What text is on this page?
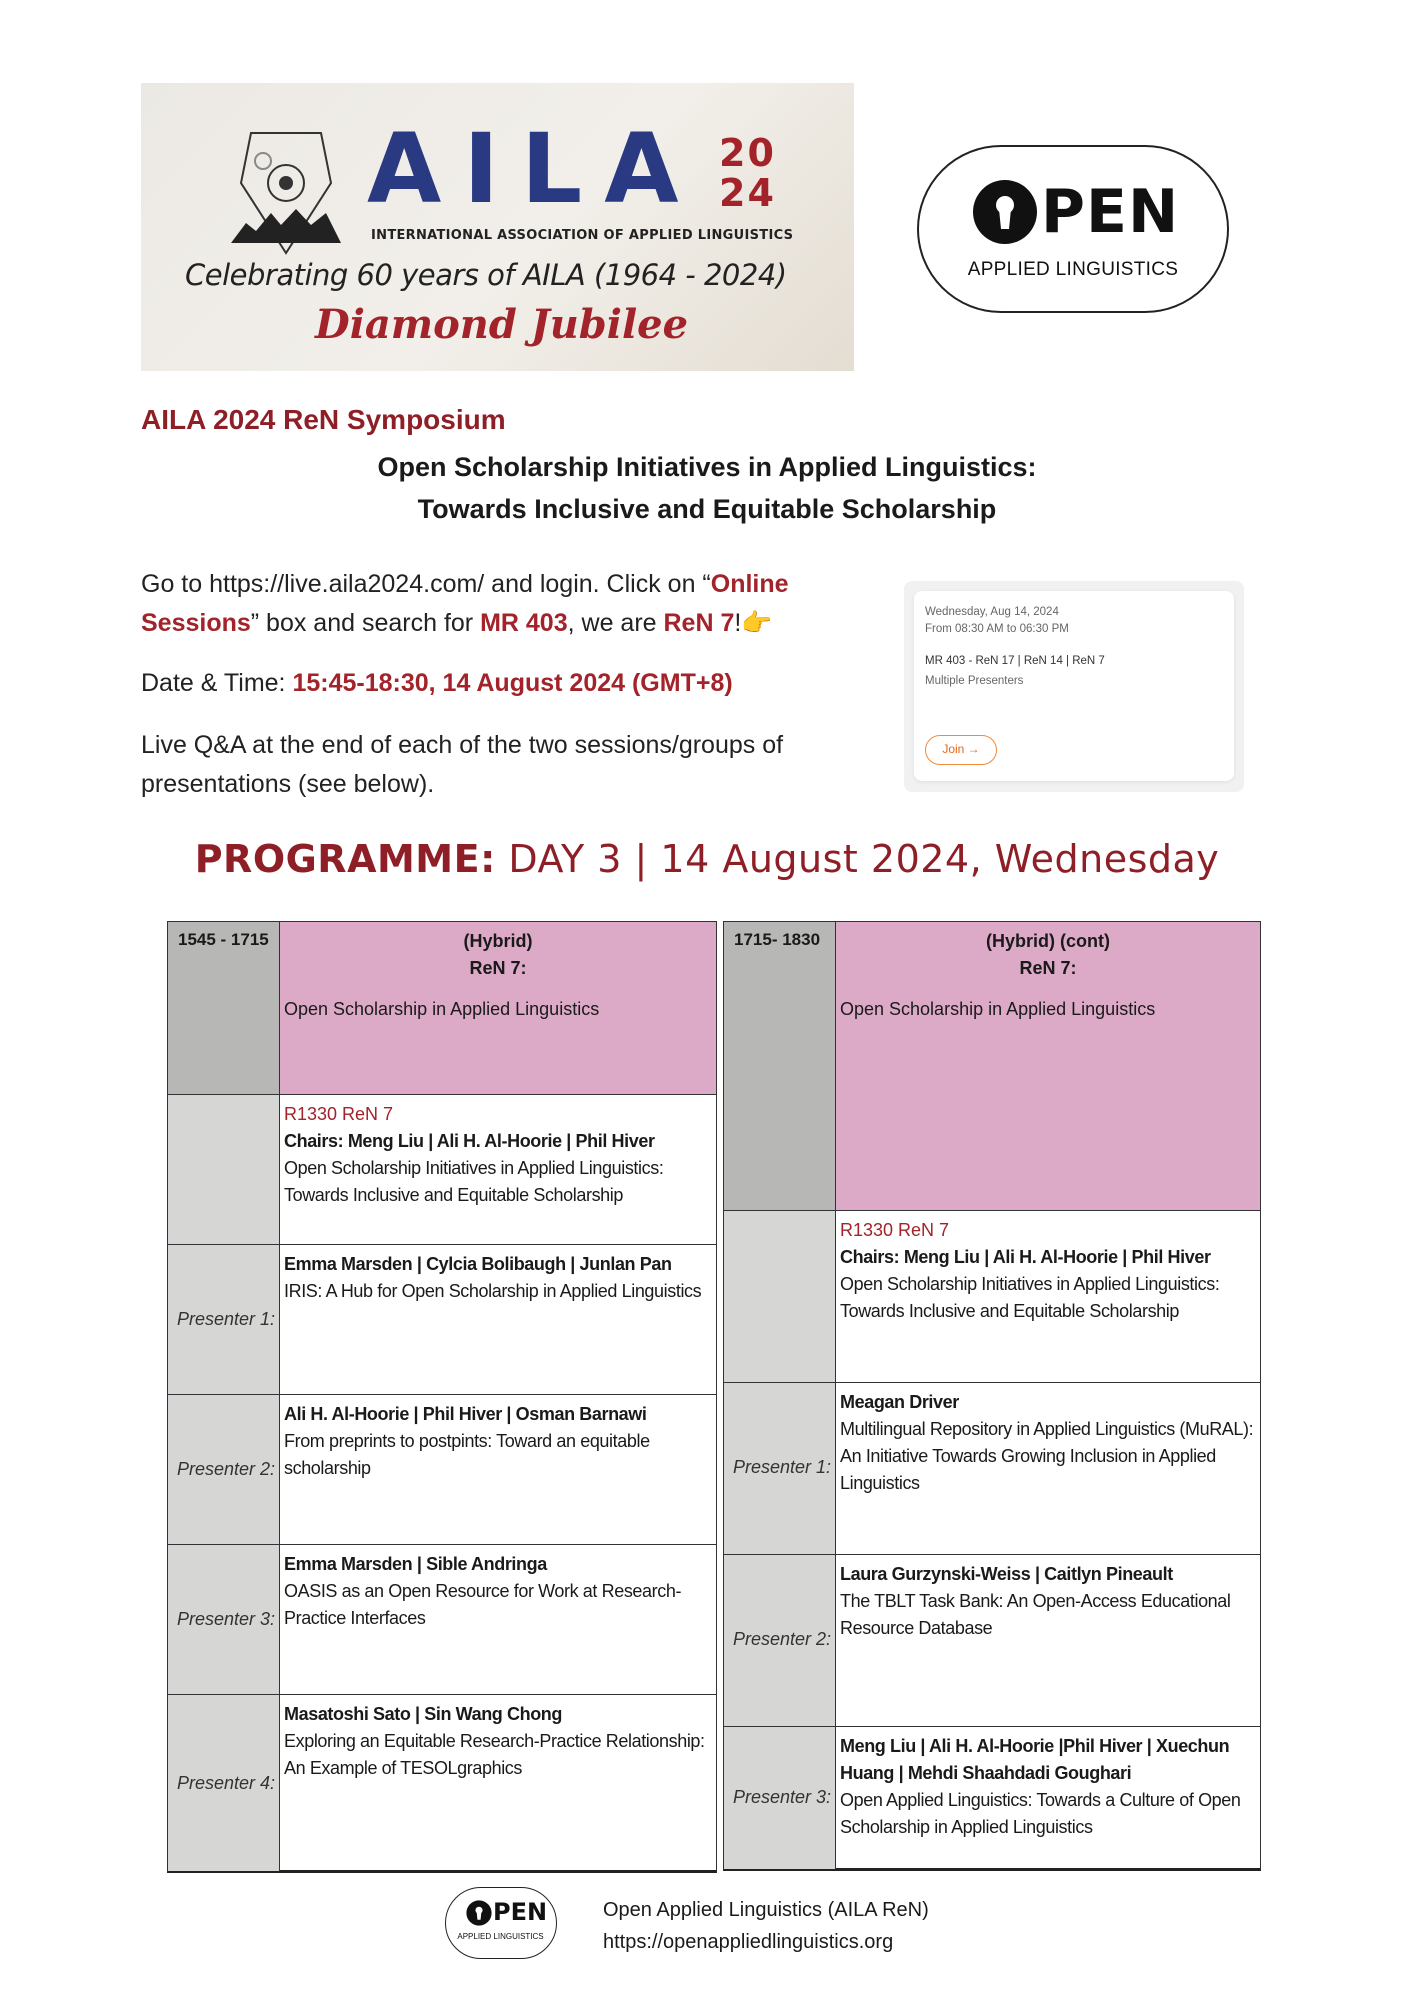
AILA 20
24
INTERNATIONAL ASSOCIATION OF APPLIED LINGUISTICS
Celebrating 60 years of AILA (1964 - 2024)
Diamond Jubilee
PEN
APPLIED LINGUISTICS
AILA 2024 ReN Symposium
Open Scholarship Initiatives in Applied Linguistics:
Towards Inclusive and Equitable Scholarship
Go to https://live.aila2024.com/ and login. Click on “Online Sessions” box and search for MR 403, we are ReN 7!👉
Date & Time: 15:45-18:30, 14 August 2024 (GMT+8)
Live Q&A at the end of each of the two sessions/groups of presentations (see below).
Wednesday, Aug 14, 2024
From 08:30 AM to 06:30 PM
MR 403 - ReN 17 | ReN 14 | ReN 7
Multiple Presenters
Join →
PROGRAMME: DAY 3 | 14 August 2024, Wednesday
1545 - 1715	(Hybrid)
ReN 7:
Open Scholarship in Applied Linguistics
R1330 ReN 7
Chairs: Meng Liu | Ali H. Al-Hoorie | Phil Hiver
Open Scholarship Initiatives in Applied Linguistics: Towards Inclusive and Equitable Scholarship
Presenter 1:
Emma Marsden | Cylcia Bolibaugh | Junlan Pan
IRIS: A Hub for Open Scholarship in Applied Linguistics
Presenter 2:
Ali H. Al-Hoorie | Phil Hiver | Osman Barnawi
From preprints to postpints: Toward an equitable scholarship
Presenter 3:
Emma Marsden | Sible Andringa
OASIS as an Open Resource for Work at Research-Practice Interfaces
Presenter 4:
Masatoshi Sato | Sin Wang Chong
Exploring an Equitable Research-Practice Relationship: An Example of TESOLgraphics
1715- 1830	(Hybrid) (cont)
ReN 7:
Open Scholarship in Applied Linguistics
R1330 ReN 7
Chairs: Meng Liu | Ali H. Al-Hoorie | Phil Hiver
Open Scholarship Initiatives in Applied Linguistics: Towards Inclusive and Equitable Scholarship
Presenter 1:
Meagan Driver
Multilingual Repository in Applied Linguistics (MuRAL): An Initiative Towards Growing Inclusion in Applied Linguistics
Presenter 2:
Laura Gurzynski-Weiss | Caitlyn Pineault
The TBLT Task Bank: An Open-Access Educational Resource Database
Presenter 3:
Meng Liu | Ali H. Al-Hoorie |Phil Hiver | Xuechun Huang | Mehdi Shaahdadi Goughari
Open Applied Linguistics: Towards a Culture of Open Scholarship in Applied Linguistics
PEN
APPLIED LINGUISTICS
Open Applied Linguistics (AILA ReN)
https://openappliedlinguistics.org
